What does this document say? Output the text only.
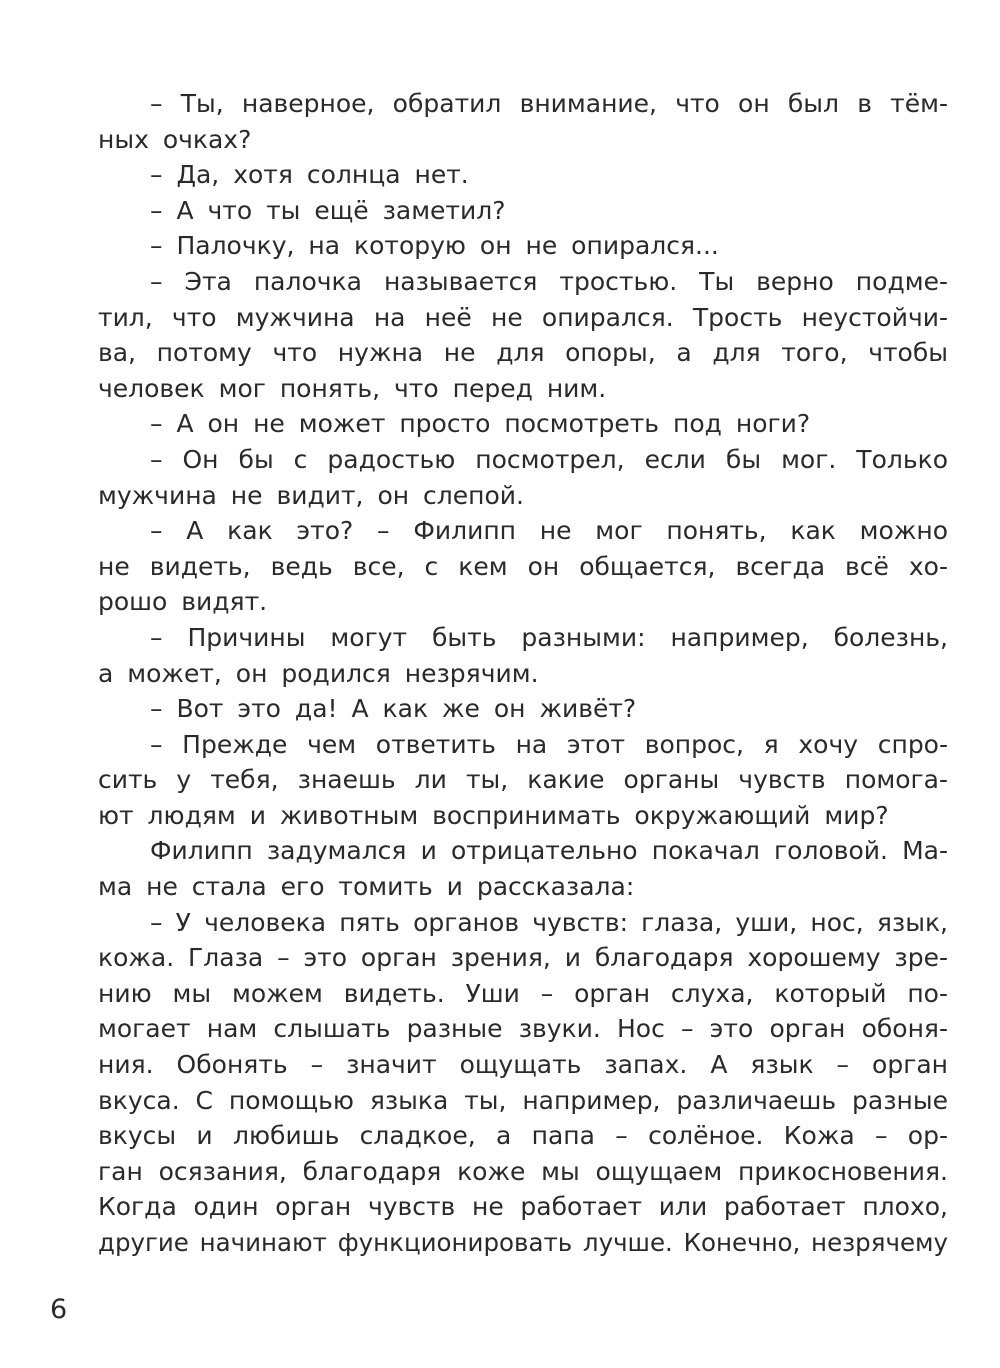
– Ты, наверное, обратил внимание, что он был в тём-
ных очках?
– Да, хотя солнца нет.
– А что ты ещё заметил?
– Палочку, на которую он не опирался...
– Эта палочка называется тростью. Ты верно подме-
тил, что мужчина на неё не опирался. Трость неустойчи-
ва, потому что нужна не для опоры, а для того, чтобы
человек мог понять, что перед ним.
– А он не может просто посмотреть под ноги?
– Он бы с радостью посмотрел, если бы мог. Только
мужчина не видит, он слепой.
– А как это? – Филипп не мог понять, как можно
не видеть, ведь все, с кем он общается, всегда всё хо-
рошо видят.
– Причины могут быть разными: например, болезнь,
а может, он родился незрячим.
– Вот это да! А как же он живёт?
– Прежде чем ответить на этот вопрос, я хочу спро-
сить у тебя, знаешь ли ты, какие органы чувств помога-
ют людям и животным воспринимать окружающий мир?
Филипп задумался и отрицательно покачал головой. Ма-
ма не стала его томить и рассказала:
– У человека пять органов чувств: глаза, уши, нос, язык,
кожа. Глаза – это орган зрения, и благодаря хорошему зре-
нию мы можем видеть. Уши – орган слуха, который по-
могает нам слышать разные звуки. Нос – это орган обоня-
ния. Обонять – значит ощущать запах. А язык – орган
вкуса. С помощью языка ты, например, различаешь разные
вкусы и любишь сладкое, а папа – солёное. Кожа – ор-
ган осязания, благодаря коже мы ощущаем прикосновения.
Когда один орган чувств не работает или работает плохо,
другие начинают функционировать лучше. Конечно, незрячему
6
